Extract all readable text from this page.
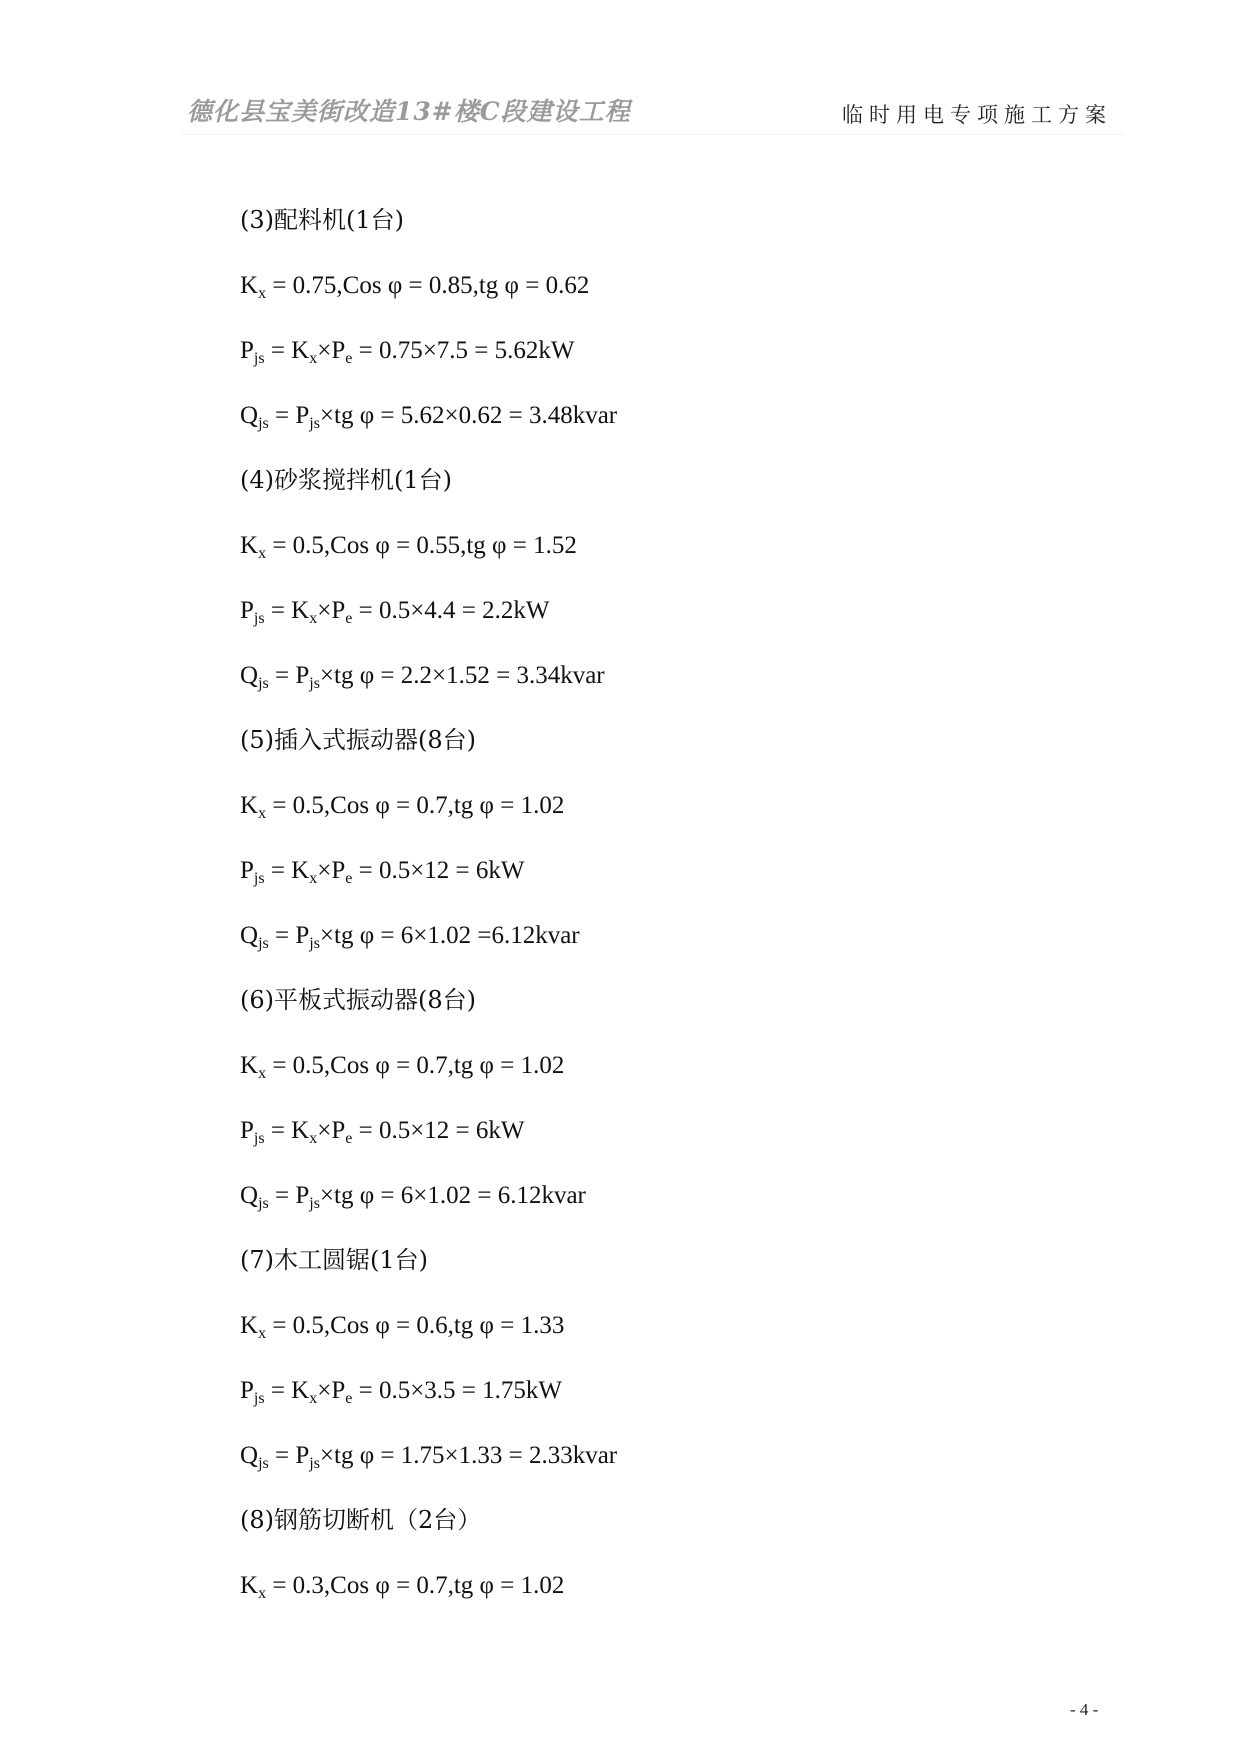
德化县宝美街改造13#楼C段建设工程	临时用电专项施工方案
(3)配料机(1台)
$K_x = 0.75,Cos$ φ = 0.85,tg φ = 0.62
$P_{js} = K_x\times P_e = 0.75\times 7.5 = 5.62kW$
$Q_{js} = P_{js}\times tg$ φ = 5.62×0.62 = 3.48kvar
(4)砂浆搅拌机(1台)
$K_x = 0.5,Cos$ φ = 0.55,tg φ = 1.52
$P_{js} = K_x\times P_e = 0.5\times 4.4 = 2.2kW$
$Q_{js} = P_{js}\times tg$ φ = 2.2×1.52 = 3.34kvar
(5)插入式振动器(8台)
$K_x = 0.5,Cos$ φ = 0.7,tg φ = 1.02
$P_{js} = K_x\times P_e = 0.5\times 12 = 6kW$
$Q_{js} = P_{js}\times tg$ φ = 6×1.02 =6.12kvar
(6)平板式振动器(8台)
$K_x = 0.5,Cos$ φ = 0.7,tg φ = 1.02
$P_{js} = K_x\times P_e = 0.5\times 12 = 6kW$
$Q_{js} = P_{js}\times tg$ φ = 6×1.02 = 6.12kvar
(7)木工圆锯(1台)
$K_x = 0.5,Cos$ φ = 0.6,tg φ = 1.33
$P_{js} = K_x\times P_e = 0.5\times 3.5 = 1.75kW$
$Q_{js} = P_{js}\times tg$ φ = 1.75×1.33 = 2.33kvar
(8)钢筋切断机（2台）
$K_x = 0.3,Cos$ φ = 0.7,tg φ = 1.02
- 4 -
